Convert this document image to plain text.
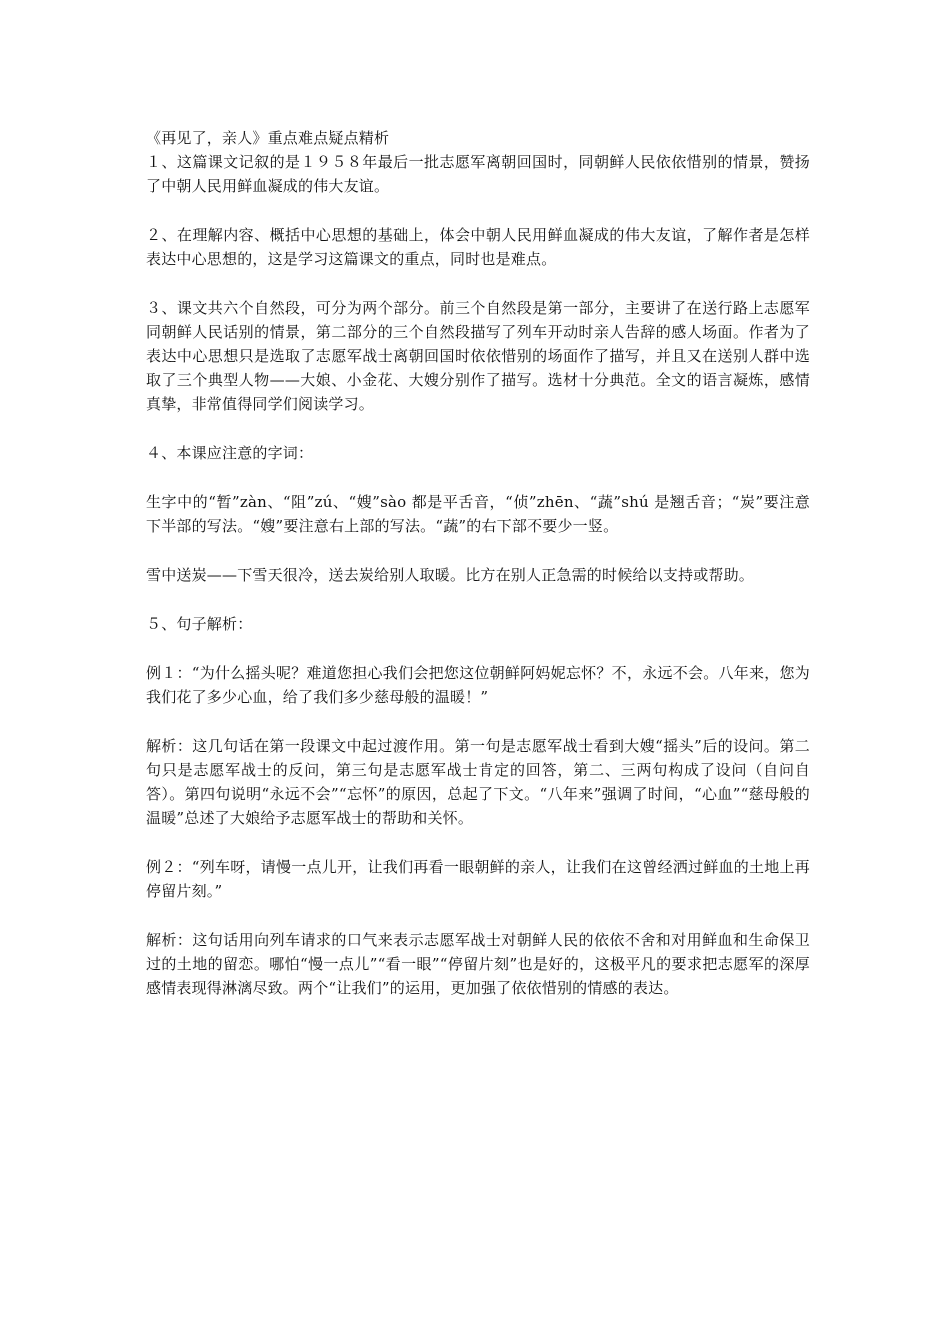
《再见了，亲人》重点难点疑点精析

１、这篇课文记叙的是１９５８年最后一批志愿军离朝回国时，同朝鲜人民依依惜别的情景，赞扬了中朝人民用鲜血凝成的伟大友谊。

２、在理解内容、概括中心思想的基础上，体会中朝人民用鲜血凝成的伟大友谊，了解作者是怎样表达中心思想的，这是学习这篇课文的重点，同时也是难点。

３、课文共六个自然段，可分为两个部分。前三个自然段是第一部分，主要讲了在送行路上志愿军同朝鲜人民话别的情景，第二部分的三个自然段描写了列车开动时亲人告辞的感人场面。作者为了表达中心思想只是选取了志愿军战士离朝回国时依依惜别的场面作了描写，并且又在送别人群中选取了三个典型人物——大娘、小金花、大嫂分别作了描写。选材十分典范。全文的语言凝炼，感情真挚，非常值得同学们阅读学习。

４、本课应注意的字词：

生字中的“暂”zàn、“阻”zú、“嫂”sào 都是平舌音，“侦”zhēn、“蔬”shú 是翘舌音；“炭”要注意下半部的写法。“嫂”要注意右上部的写法。“蔬”的右下部不要少一竖。

雪中送炭——下雪天很冷，送去炭给别人取暖。比方在别人正急需的时候给以支持或帮助。

５、句子解析：

例１：“为什么摇头呢？难道您担心我们会把您这位朝鲜阿妈妮忘怀？不，永远不会。八年来，您为我们花了多少心血，给了我们多少慈母般的温暖！”

解析：这几句话在第一段课文中起过渡作用。第一句是志愿军战士看到大嫂“摇头”后的设问。第二句只是志愿军战士的反问，第三句是志愿军战士肯定的回答，第二、三两句构成了设问（自问自答）。第四句说明“永远不会”“忘怀”的原因，总起了下文。“八年来”强调了时间，“心血”“慈母般的温暖”总述了大娘给予志愿军战士的帮助和关怀。

例２：“列车呀，请慢一点儿开，让我们再看一眼朝鲜的亲人，让我们在这曾经洒过鲜血的土地上再停留片刻。”

解析：这句话用向列车请求的口气来表示志愿军战士对朝鲜人民的依依不舍和对用鲜血和生命保卫过的土地的留恋。哪怕“慢一点儿”“看一眼”“停留片刻”也是好的，这极平凡的要求把志愿军的深厚感情表现得淋漓尽致。两个“让我们”的运用，更加强了依依惜别的情感的表达。
